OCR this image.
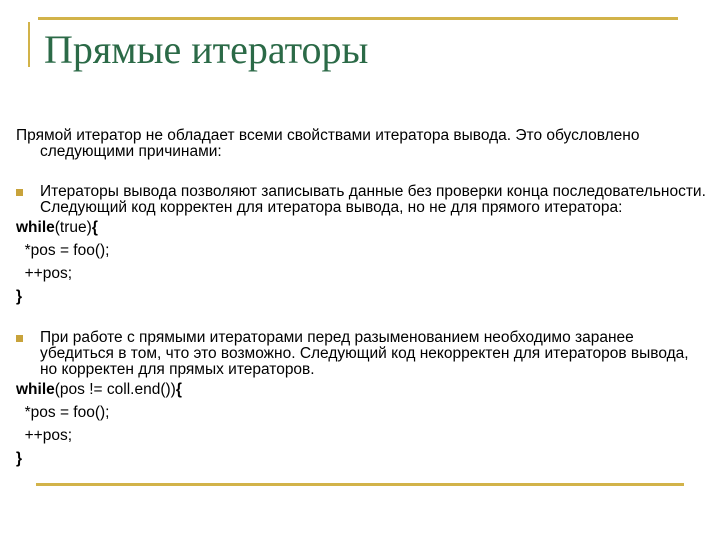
Прямые итераторы
Прямой итератор не обладает всеми свойствами итератора вывода. Это обусловлено следующими причинами:
Итераторы вывода позволяют записывать данные без проверки конца последовательности. Следующий код корректен для итератора вывода, но не для прямого итератора:
while(true){
*pos = foo();
++pos;
}
При работе с прямыми итераторами перед разыменованием необходимо заранее убедиться в том, что это возможно. Следующий код некорректен для итераторов вывода, но корректен для прямых итераторов.
while(pos != coll.end()){
*pos = foo();
++pos;
}
